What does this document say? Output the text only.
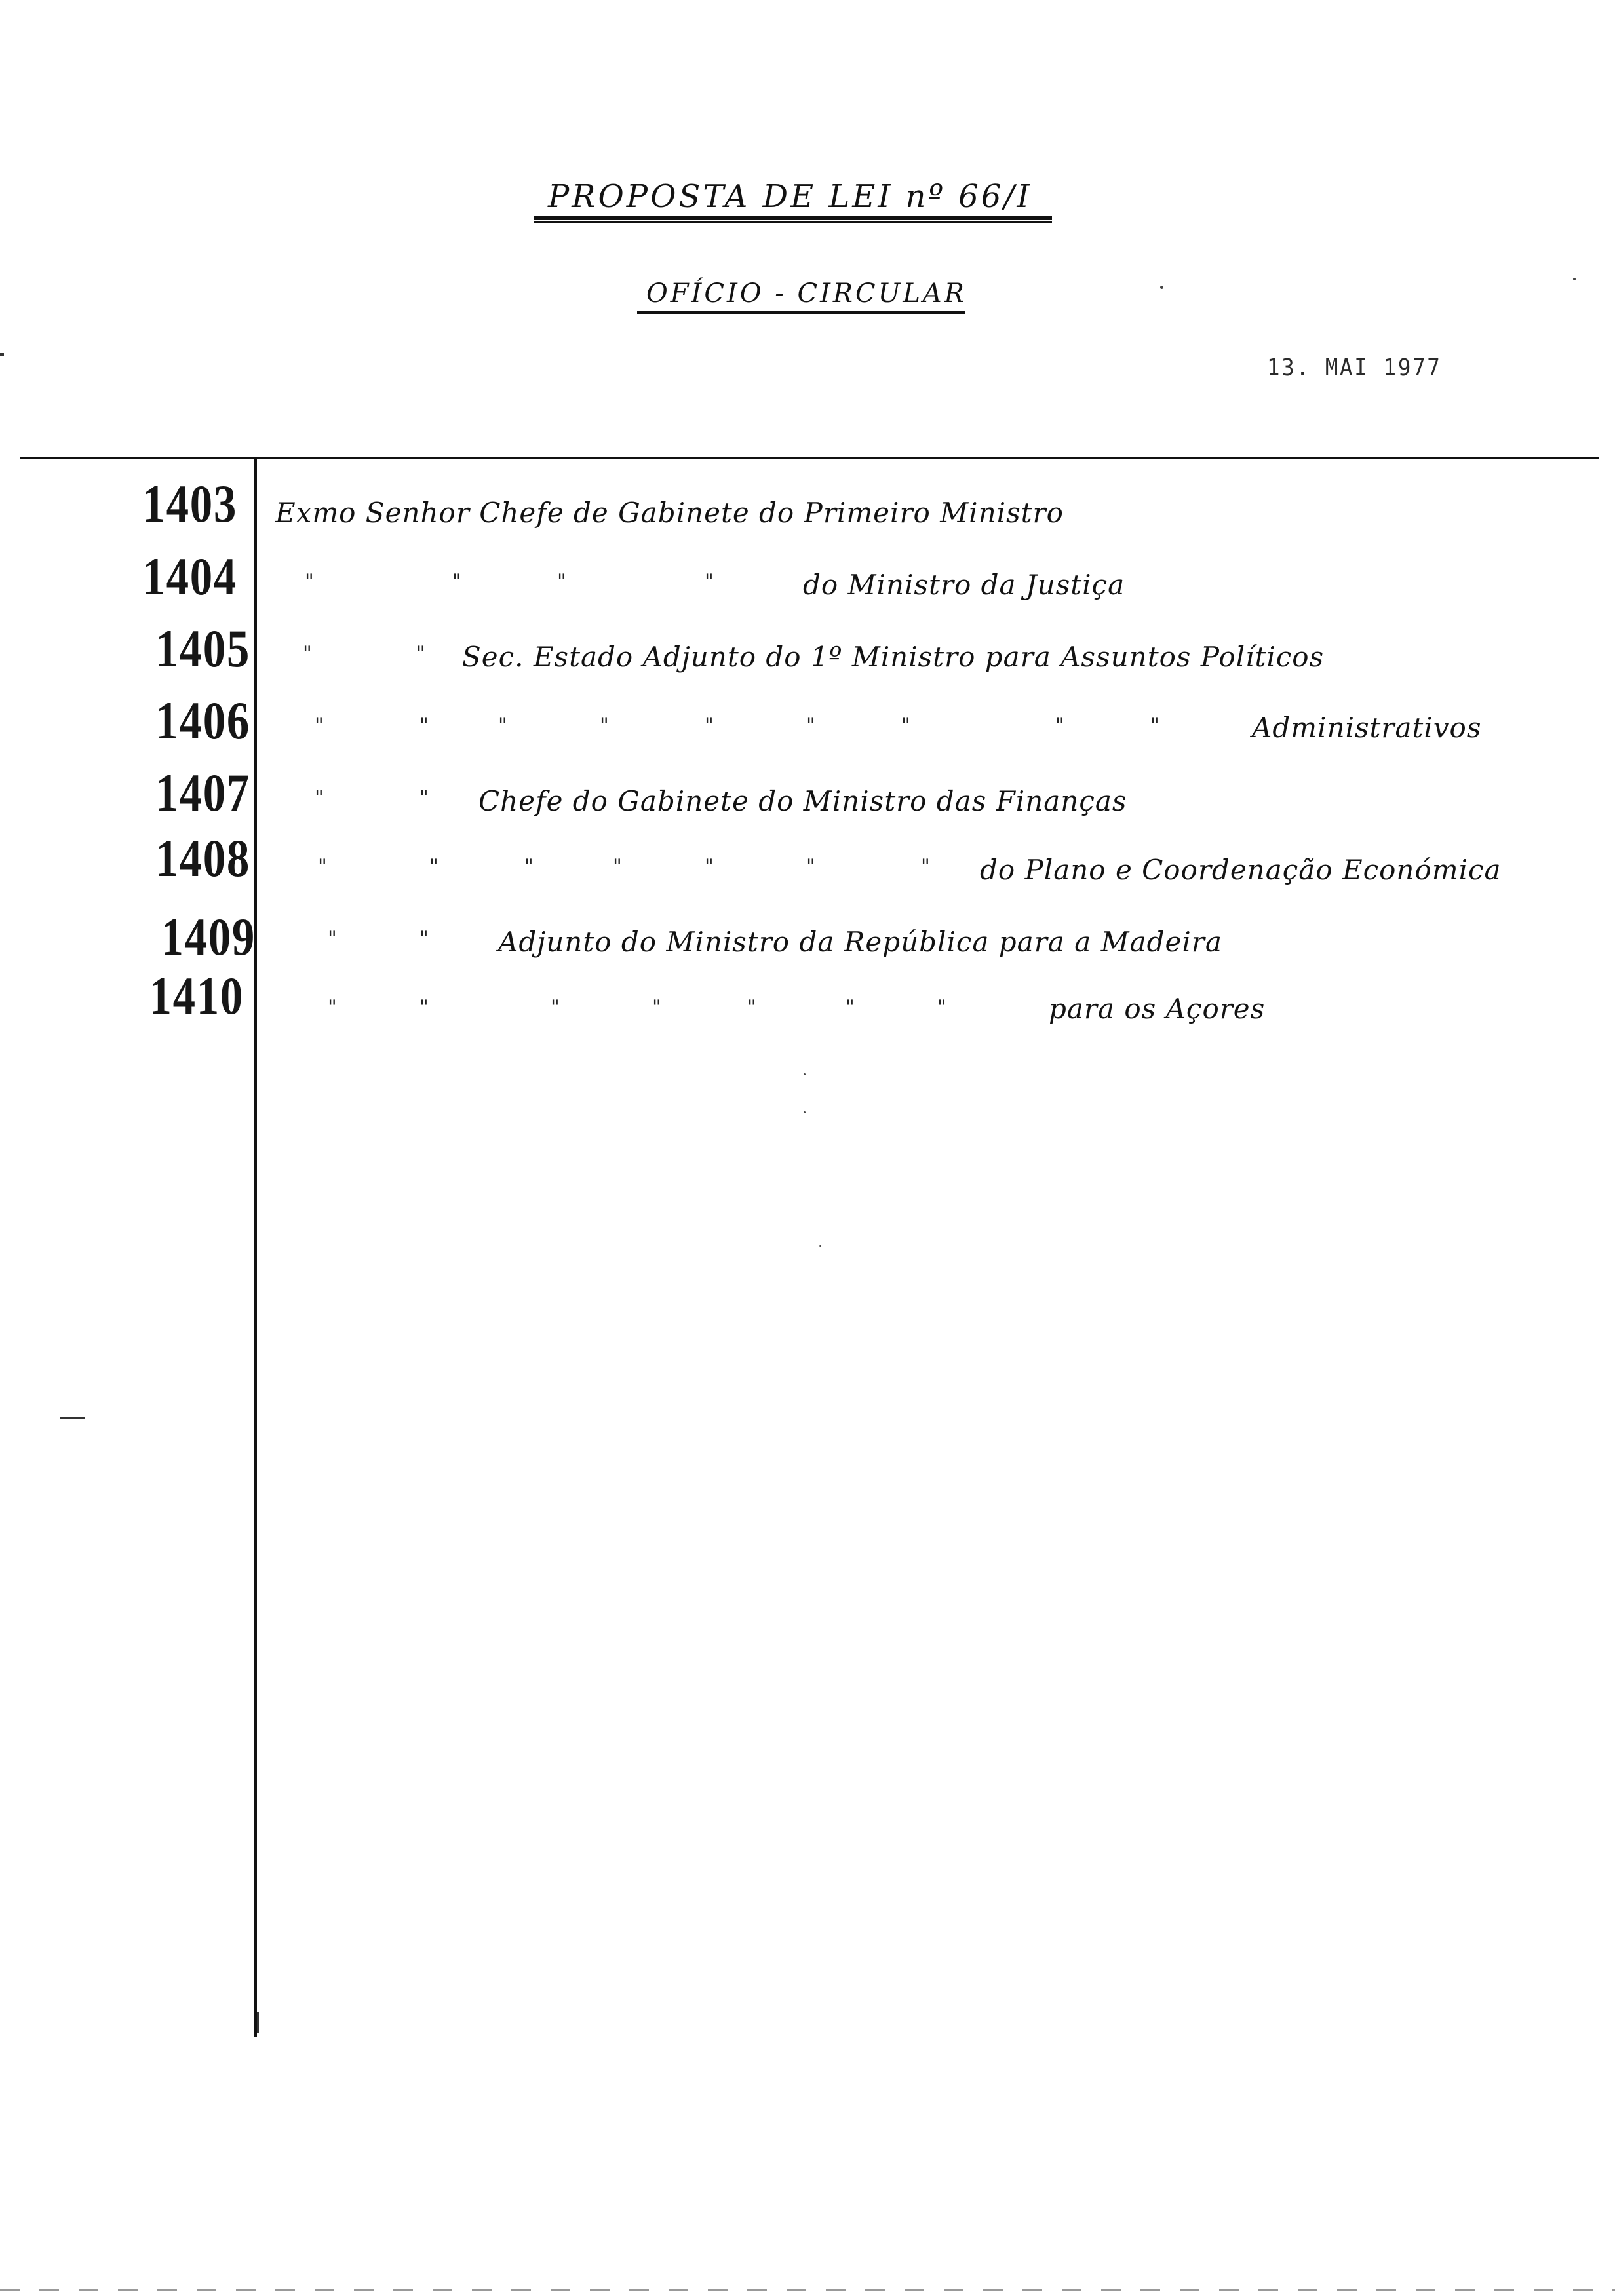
PROPOSTA DE LEI nº 66/I
OFÍCIO - CIRCULAR
13. MAI 1977
1403 Exmo Senhor Chefe de Gabinete do Primeiro Ministro
1404	"	"	"	"	do Ministro da Justiça
1405	"	" Sec. Estado Adjunto do 1º Ministro para Assuntos Políticos
1406	"	"	"	"	"	"	"	"	"	Administrativos
1407	"	" Chefe do Gabinete do Ministro das Finanças
1408	"	"	"	"	"	"	" do Plano e Coordenação Económica
1409	"	"	Adjunto do Ministro da República para a Madeira
1410	"	"	"	"	"	"	"	para os Açores
